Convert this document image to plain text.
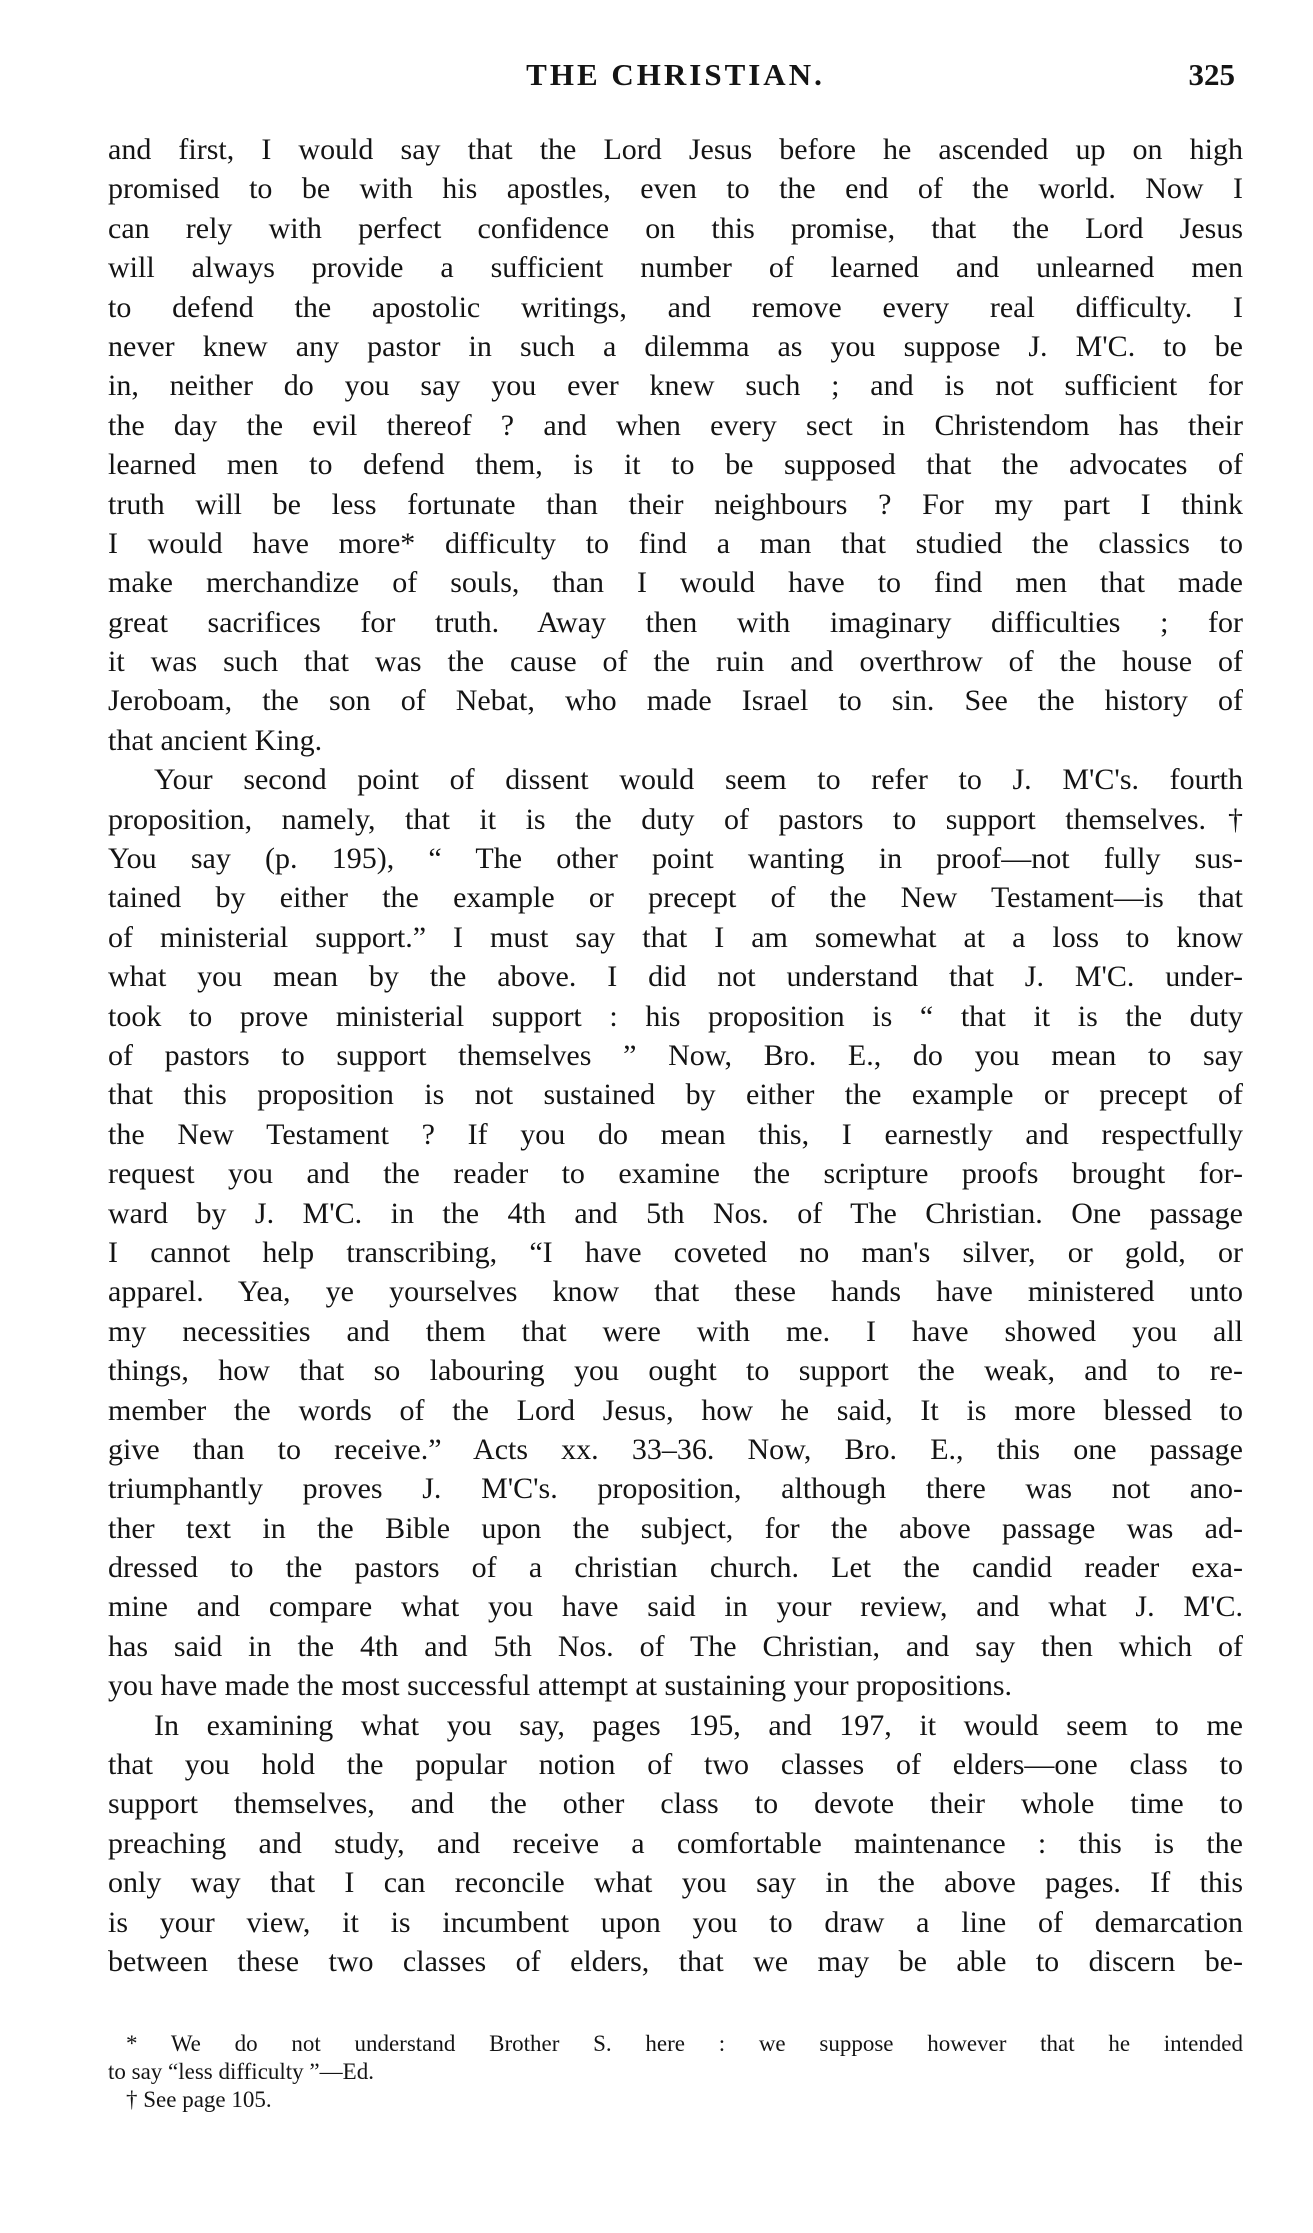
THE CHRISTIAN.	325
and first, I would say that the Lord Jesus before he ascended up on high
promised to be with his apostles, even to the end of the world. Now I
can rely with perfect confidence on this promise, that the Lord Jesus
will always provide a sufficient number of learned and unlearned men
to defend the apostolic writings, and remove every real difficulty. I
never knew any pastor in such a dilemma as you suppose J. M'C. to be
in, neither do you say you ever knew such ; and is not sufficient for
the day the evil thereof ? and when every sect in Christendom has their
learned men to defend them, is it to be supposed that the advocates of
truth will be less fortunate than their neighbours ? For my part I think
I would have more* difficulty to find a man that studied the classics to
make merchandize of souls, than I would have to find men that made
great sacrifices for truth. Away then with imaginary difficulties ; for
it was such that was the cause of the ruin and overthrow of the house of
Jeroboam, the son of Nebat, who made Israel to sin. See the history of
that ancient King.
Your second point of dissent would seem to refer to J. M'C's. fourth
proposition, namely, that it is the duty of pastors to support themselves.†
You say (p. 195), “ The other point wanting in proof—not fully sus-
tained by either the example or precept of the New Testament—is that
of ministerial support.” I must say that I am somewhat at a loss to know
what you mean by the above. I did not understand that J. M'C. under-
took to prove ministerial support : his proposition is “ that it is the duty
of pastors to support themselves ” Now, Bro. E., do you mean to say
that this proposition is not sustained by either the example or precept of
the New Testament ? If you do mean this, I earnestly and respectfully
request you and the reader to examine the scripture proofs brought for-
ward by J. M'C. in the 4th and 5th Nos. of The Christian. One passage
I cannot help transcribing, “I have coveted no man's silver, or gold, or
apparel. Yea, ye yourselves know that these hands have ministered unto
my necessities and them that were with me. I have showed you all
things, how that so labouring you ought to support the weak, and to re-
member the words of the Lord Jesus, how he said, It is more blessed to
give than to receive.” Acts xx. 33–36. Now, Bro. E., this one passage
triumphantly proves J. M'C's. proposition, although there was not ano-
ther text in the Bible upon the subject, for the above passage was ad-
dressed to the pastors of a christian church. Let the candid reader exa-
mine and compare what you have said in your review, and what J. M'C.
has said in the 4th and 5th Nos. of The Christian, and say then which of
you have made the most successful attempt at sustaining your propositions.
In examining what you say, pages 195, and 197, it would seem to me
that you hold the popular notion of two classes of elders—one class to
support themselves, and the other class to devote their whole time to
preaching and study, and receive a comfortable maintenance : this is the
only way that I can reconcile what you say in the above pages. If this
is your view, it is incumbent upon you to draw a line of demarcation
between these two classes of elders, that we may be able to discern be-
* We do not understand Brother S. here : we suppose however that he intended
to say “less difficulty ”—Ed.
† See page 105.
